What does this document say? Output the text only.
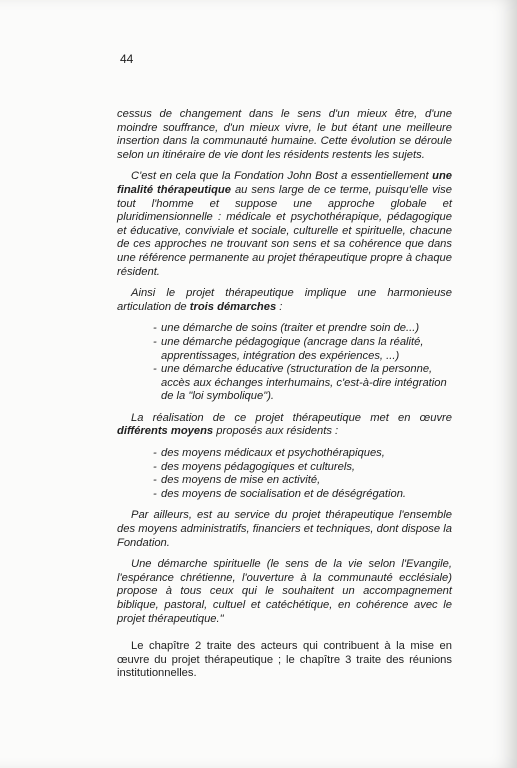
44

cessus de changement dans le sens d'un mieux être, d'une moindre souffrance, d'un mieux vivre, le but étant une meilleure insertion dans la communauté humaine. Cette évolution se déroule selon un itinéraire de vie dont les résidents restents les sujets.

C'est en cela que la Fondation John Bost a essentiellement une finalité thérapeutique au sens large de ce terme, puisqu'elle vise tout l'homme et suppose une approche globale et pluridimensionnelle : médicale et psychothérapique, pédagogique et éducative, conviviale et sociale, culturelle et spirituelle, chacune de ces approches ne trouvant son sens et sa cohérence que dans une référence permanente au projet thérapeutique propre à chaque résident.

Ainsi le projet thérapeutique implique une harmonieuse articulation de trois démarches :

- une démarche de soins (traiter et prendre soin de...)
- une démarche pédagogique (ancrage dans la réalité, apprentissages, intégration des expériences, ...)
- une démarche éducative (structuration de la personne, accès aux échanges interhumains, c'est-à-dire intégration de la "loi symbolique").

La réalisation de ce projet thérapeutique met en œuvre différents moyens proposés aux résidents :

- des moyens médicaux et psychothérapiques,
- des moyens pédagogiques et culturels,
- des moyens de mise en activité,
- des moyens de socialisation et de déségrégation.

Par ailleurs, est au service du projet thérapeutique l'ensemble des moyens administratifs, financiers et techniques, dont dispose la Fondation.

Une démarche spirituelle (le sens de la vie selon l'Evangile, l'espérance chrétienne, l'ouverture à la communauté ecclésiale) propose à tous ceux qui le souhaitent un accompagnement biblique, pastoral, cultuel et catéchétique, en cohérence avec le projet thérapeutique."

Le chapître 2 traite des acteurs qui contribuent à la mise en œuvre du projet thérapeutique ; le chapître 3 traite des réunions institutionnelles.
